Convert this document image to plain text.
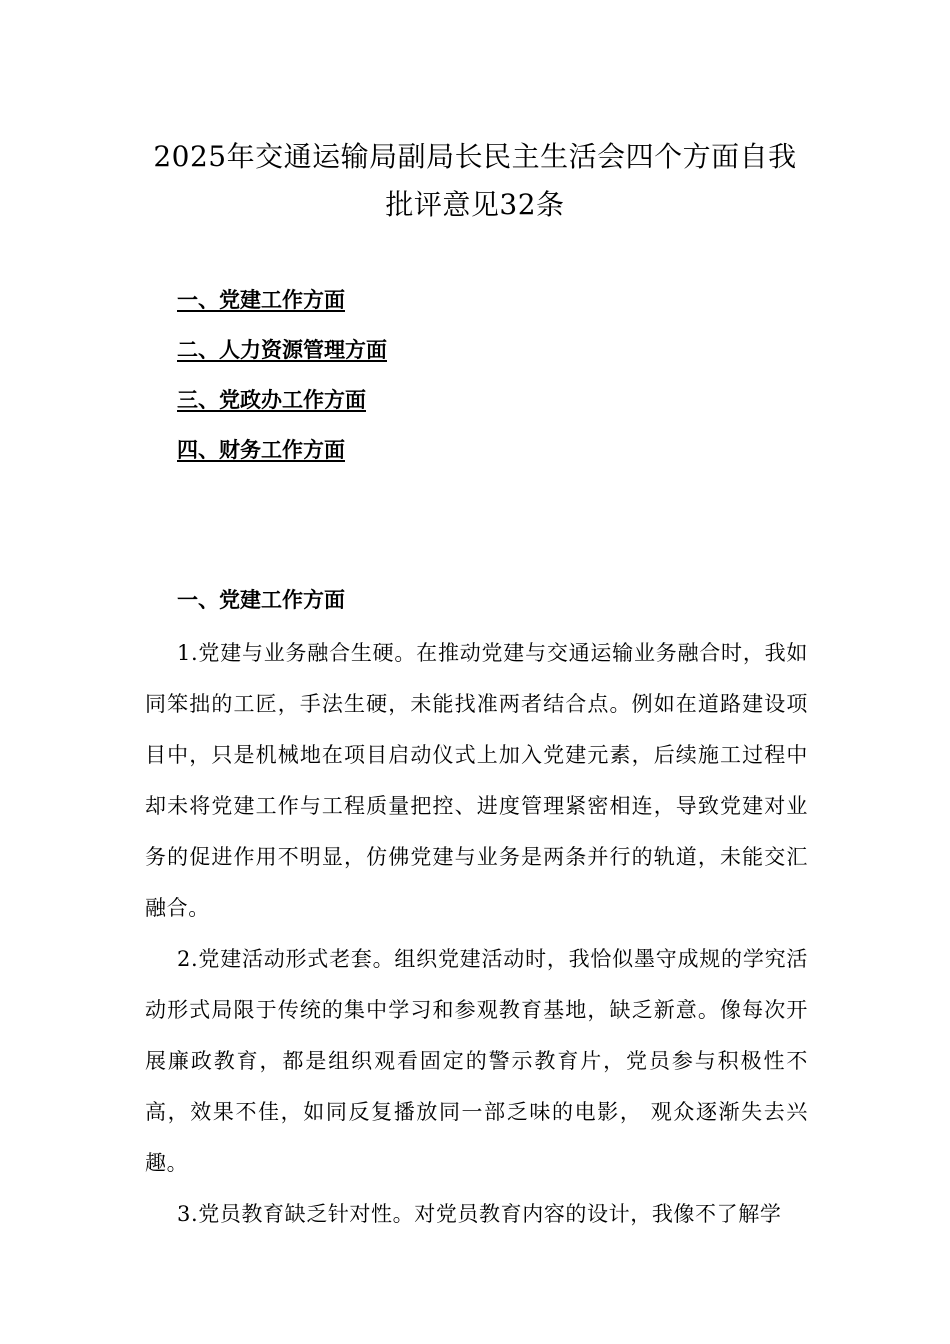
2025年交通运输局副局长民主生活会四个方面自我
批评意见32条
一、党建工作方面
二、人力资源管理方面
三、党政办工作方面
四、财务工作方面
一、党建工作方面

1.党建与业务融合生硬。在推动党建与交通运输业务融合时，我如同笨拙的工匠，手法生硬，未能找准两者结合点。例如在道路建设项目中，只是机械地在项目启动仪式上加入党建元素，后续施工过程中却未将党建工作与工程质量把控、进度管理紧密相连，导致党建对业务的促进作用不明显，仿佛党建与业务是两条并行的轨道，未能交汇融合。

2.党建活动形式老套。组织党建活动时，我恰似墨守成规的学究活动形式局限于传统的集中学习和参观教育基地，缺乏新意。像每次开展廉政教育，都是组织观看固定的警示教育片，党员参与积极性不高，效果不佳，如同反复播放同一部乏味的电影， 观众逐渐失去兴趣。

3.党员教育缺乏针对性。对党员教育内容的设计，我像不了解学
